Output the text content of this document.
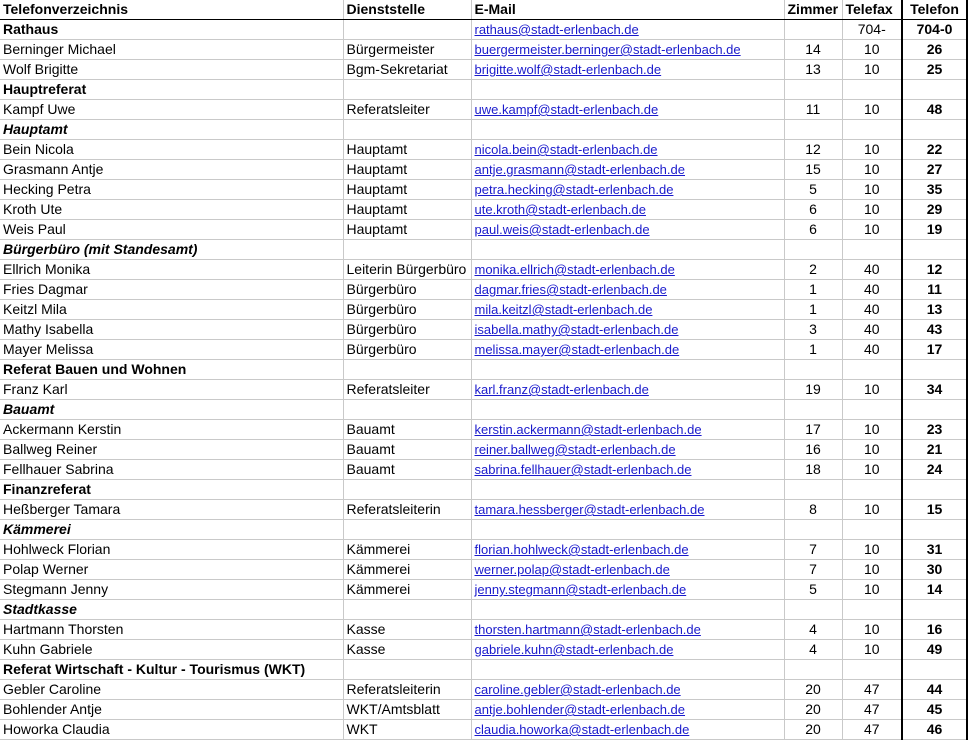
Telefonverzeichnis	Dienststelle	E-Mail	Zimmer	Telefax	Telefon
Rathaus		rathaus@stadt-erlenbach.de		704-	704-0
Berninger Michael	Bürgermeister	buergermeister.berninger@stadt-erlenbach.de	14	10	26
Wolf Brigitte	Bgm-Sekretariat	brigitte.wolf@stadt-erlenbach.de	13	10	25
Hauptreferat					
Kampf Uwe	Referatsleiter	uwe.kampf@stadt-erlenbach.de	11	10	48
Hauptamt					
Bein Nicola	Hauptamt	nicola.bein@stadt-erlenbach.de	12	10	22
Grasmann Antje	Hauptamt	antje.grasmann@stadt-erlenbach.de	15	10	27
Hecking Petra	Hauptamt	petra.hecking@stadt-erlenbach.de	5	10	35
Kroth Ute	Hauptamt	ute.kroth@stadt-erlenbach.de	6	10	29
Weis Paul	Hauptamt	paul.weis@stadt-erlenbach.de	6	10	19
Bürgerbüro (mit Standesamt)					
Ellrich Monika	Leiterin Bürgerbüro	monika.ellrich@stadt-erlenbach.de	2	40	12
Fries Dagmar	Bürgerbüro	dagmar.fries@stadt-erlenbach.de	1	40	11
Keitzl Mila	Bürgerbüro	mila.keitzl@stadt-erlenbach.de	1	40	13
Mathy Isabella	Bürgerbüro	isabella.mathy@stadt-erlenbach.de	3	40	43
Mayer Melissa	Bürgerbüro	melissa.mayer@stadt-erlenbach.de	1	40	17
Referat Bauen und Wohnen					
Franz Karl	Referatsleiter	karl.franz@stadt-erlenbach.de	19	10	34
Bauamt					
Ackermann Kerstin	Bauamt	kerstin.ackermann@stadt-erlenbach.de	17	10	23
Ballweg Reiner	Bauamt	reiner.ballweg@stadt-erlenbach.de	16	10	21
Fellhauer Sabrina	Bauamt	sabrina.fellhauer@stadt-erlenbach.de	18	10	24
Finanzreferat					
Heßberger Tamara	Referatsleiterin	tamara.hessberger@stadt-erlenbach.de	8	10	15
Kämmerei					
Hohlweck Florian	Kämmerei	florian.hohlweck@stadt-erlenbach.de	7	10	31
Polap Werner	Kämmerei	werner.polap@stadt-erlenbach.de	7	10	30
Stegmann Jenny	Kämmerei	jenny.stegmann@stadt-erlenbach.de	5	10	14
Stadtkasse					
Hartmann Thorsten	Kasse	thorsten.hartmann@stadt-erlenbach.de	4	10	16
Kuhn Gabriele	Kasse	gabriele.kuhn@stadt-erlenbach.de	4	10	49
Referat Wirtschaft - Kultur - Tourismus (WKT)					
Gebler Caroline	Referatsleiterin	caroline.gebler@stadt-erlenbach.de	20	47	44
Bohlender Antje	WKT/Amtsblatt	antje.bohlender@stadt-erlenbach.de	20	47	45
Howorka Claudia	WKT	claudia.howorka@stadt-erlenbach.de	20	47	46
